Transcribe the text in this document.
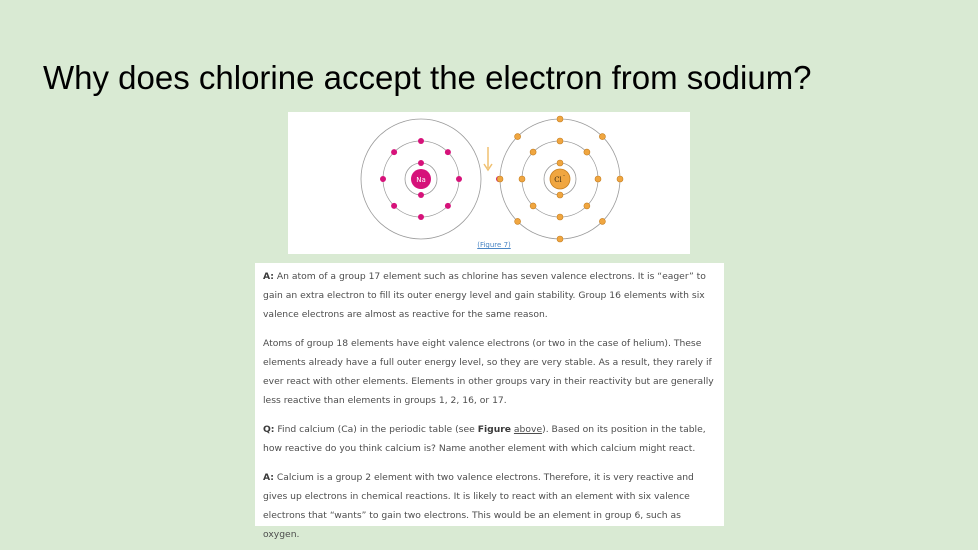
Why does chlorine accept the electron from sodium?
Na	Cl -
(Figure 7)

A: An atom of a group 17 element such as chlorine has seven valence electrons. It is “eager” to gain an extra electron to fill its outer energy level and gain stability. Group 16 elements with six valence electrons are almost as reactive for the same reason.

Atoms of group 18 elements have eight valence electrons (or two in the case of helium). These elements already have a full outer energy level, so they are very stable. As a result, they rarely if ever react with other elements. Elements in other groups vary in their reactivity but are generally less reactive than elements in groups 1, 2, 16, or 17.

Q: Find calcium (Ca) in the periodic table (see Figure above). Based on its position in the table, how reactive do you think calcium is? Name another element with which calcium might react.

A: Calcium is a group 2 element with two valence electrons. Therefore, it is very reactive and gives up electrons in chemical reactions. It is likely to react with an element with six valence electrons that “wants” to gain two electrons. This would be an element in group 6, such as oxygen.
